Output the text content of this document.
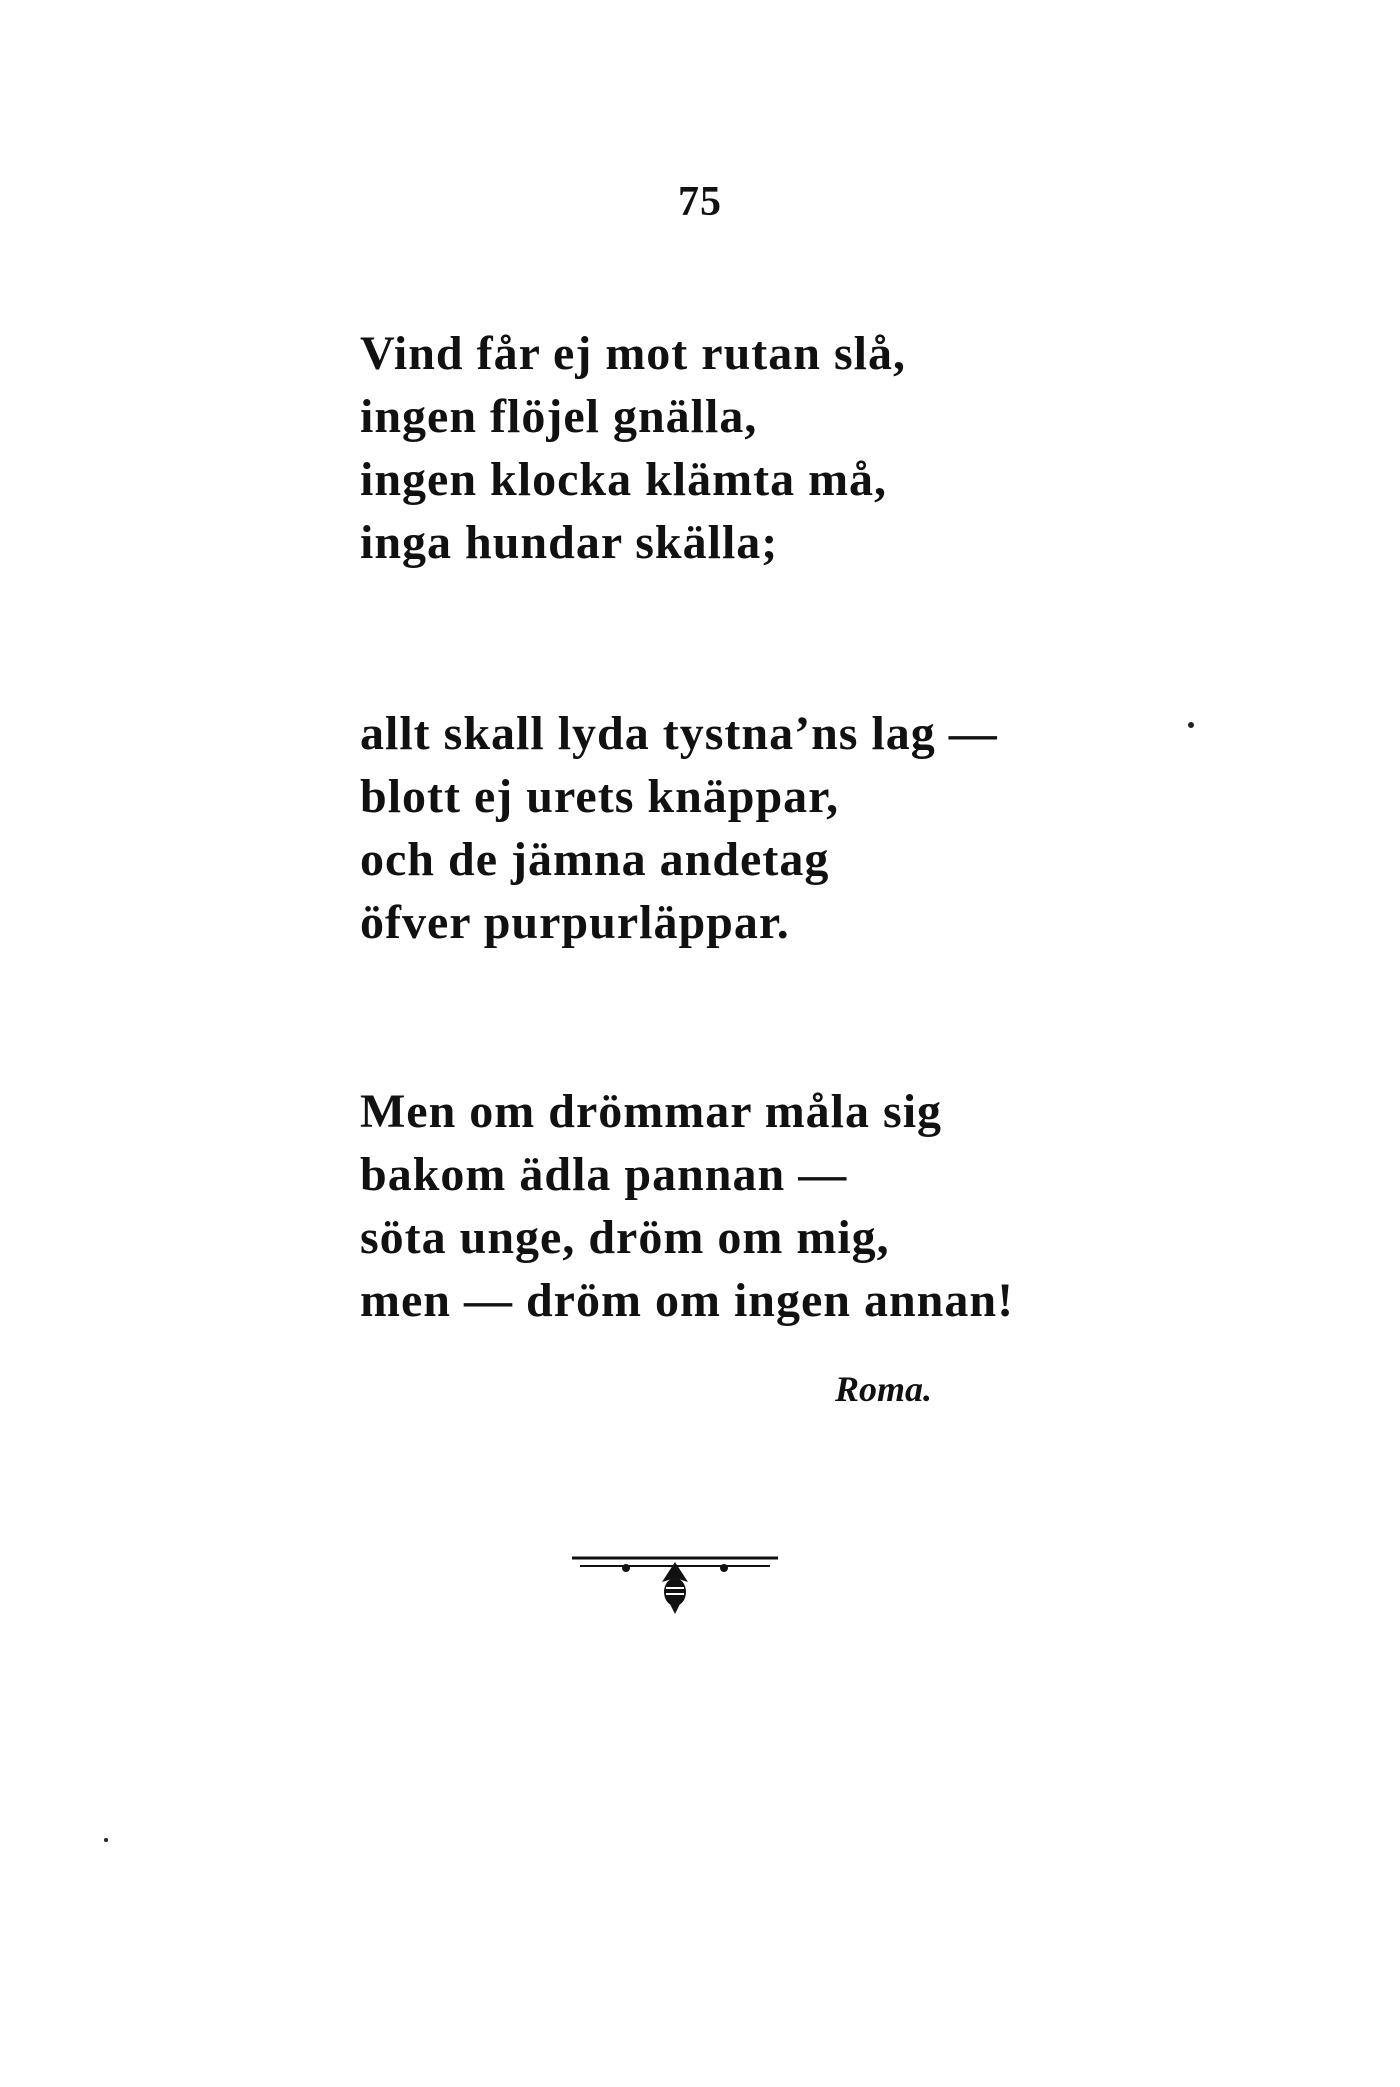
75
Vind får ej mot rutan slå,
ingen flöjel gnälla,
ingen klocka klämta må,
inga hundar skälla;
allt skall lyda tystna’ns lag —
blott ej urets knäppar,
och de jämna andetag
öfver purpurläppar.
Men om drömmar måla sig
bakom ädla pannan —
söta unge, dröm om mig,
men — dröm om ingen annan!
Roma.
